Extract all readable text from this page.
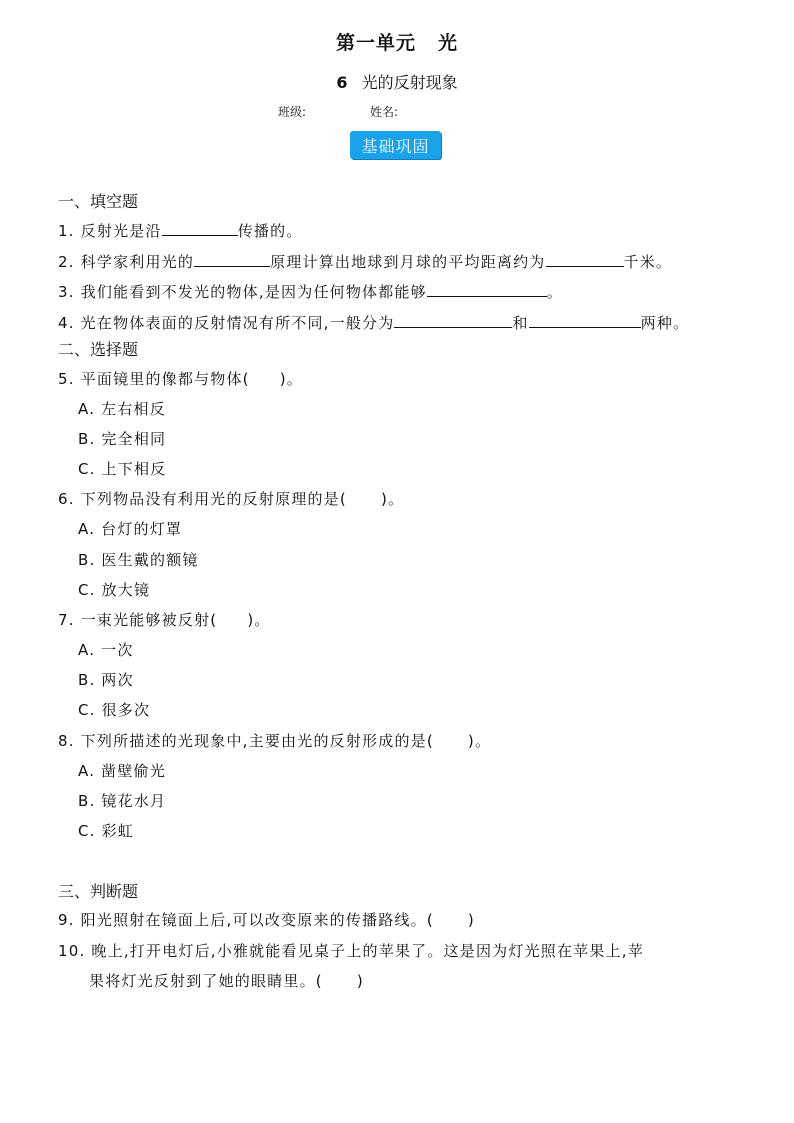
第一单元 光
6 光的反射现象
班级:	姓名:
基础巩固
一、填空题
1. 反射光是沿	传播的。
2. 科学家利用光的	原理计算出地球到月球的平均距离约为	千米。
3. 我们能看到不发光的物体,是因为任何物体都能够	。
4. 光在物体表面的反射情况有所不同,一般分为	和	两种。
二、选择题
5. 平面镜里的像都与物体( )。
A. 左右相反
B. 完全相同
C. 上下相反
6. 下列物品没有利用光的反射原理的是( )。
A. 台灯的灯罩
B. 医生戴的额镜
C. 放大镜
7. 一束光能够被反射( )。
A. 一次
B. 两次
C. 很多次
8. 下列所描述的光现象中,主要由光的反射形成的是( )。
A. 凿壁偷光
B. 镜花水月
C. 彩虹
三、判断题
9. 阳光照射在镜面上后,可以改变原来的传播路线。( )
10. 晚上,打开电灯后,小雅就能看见桌子上的苹果了。这是因为灯光照在苹果上,苹
果将灯光反射到了她的眼睛里。( )
